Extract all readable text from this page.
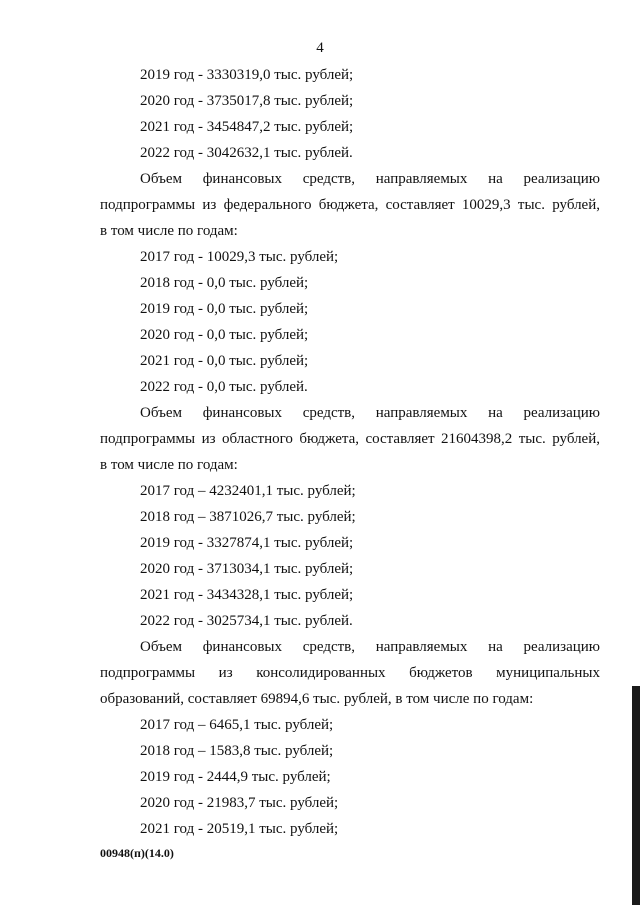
4

2019 год - 3330319,0 тыс. рублей;

2020 год - 3735017,8 тыс. рублей;

2021 год - 3454847,2 тыс. рублей;

2022 год - 3042632,1 тыс. рублей.

Объем финансовых средств, направляемых на реализацию
подпрограммы из федерального бюджета, составляет 10029,3 тыс. рублей,
в том числе по годам:

2017 год - 10029,3 тыс. рублей;

2018 год - 0,0 тыс. рублей;

2019 год - 0,0 тыс. рублей;

2020 год - 0,0 тыс. рублей;

2021 год - 0,0 тыс. рублей;

2022 год - 0,0 тыс. рублей.

Объем финансовых средств, направляемых на реализацию
подпрограммы из областного бюджета, составляет 21604398,2 тыс. рублей,
в том числе по годам:

2017 год – 4232401,1 тыс. рублей;

2018 год – 3871026,7 тыс. рублей;

2019 год - 3327874,1 тыс. рублей;

2020 год - 3713034,1 тыс. рублей;

2021 год - 3434328,1 тыс. рублей;

2022 год - 3025734,1 тыс. рублей.

Объем финансовых средств, направляемых на реализацию
подпрограммы из консолидированных бюджетов муниципальных
образований, составляет 69894,6 тыс. рублей, в том числе по годам:

2017 год – 6465,1 тыс. рублей;

2018 год – 1583,8 тыс. рублей;

2019 год - 2444,9 тыс. рублей;

2020 год - 21983,7 тыс. рублей;

2021 год - 20519,1 тыс. рублей;

00948(п)(14.0)
